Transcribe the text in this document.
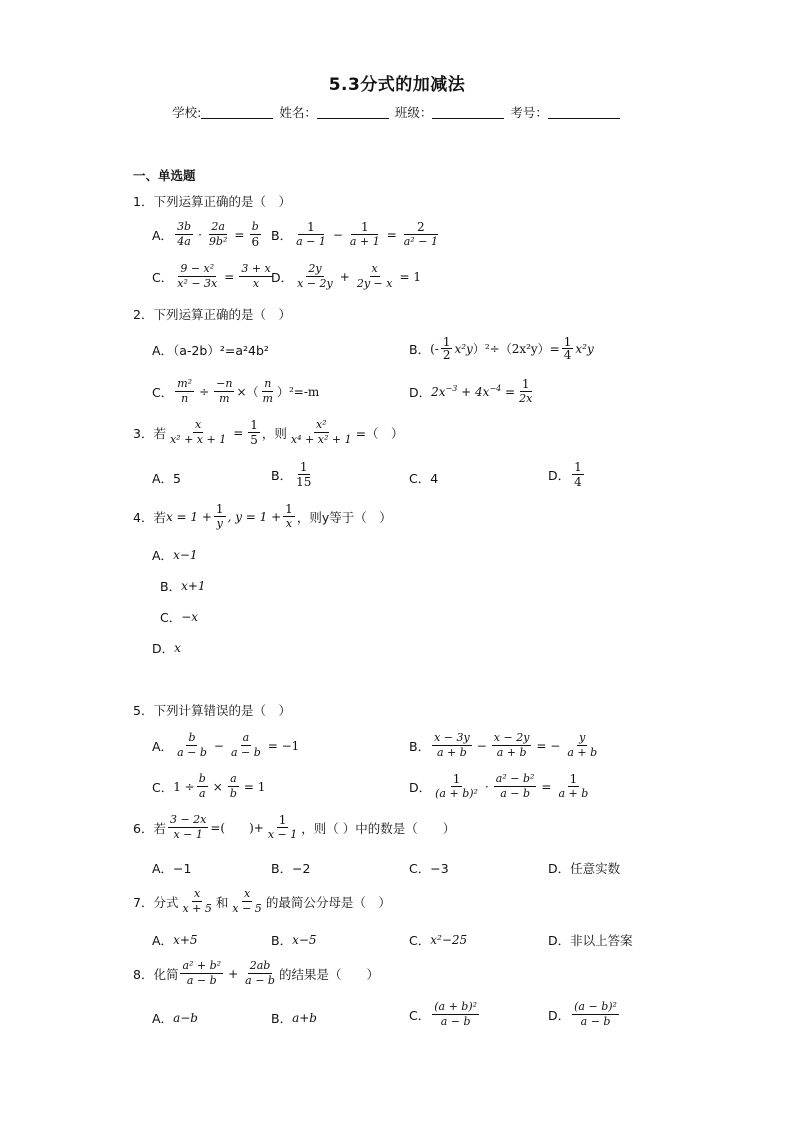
5.3分式的加减法
学校:	姓名：	班级：	考号：
一、单选题
1．下列运算正确的是（　）
A． $\frac{3b}{4a} \cdot \frac{2a}{\text{9b²}} = \frac{b}{6}$ B． $\frac{1}{a - 1} - \frac{1}{a + 1} = \frac{2}{\text{a² − 1}}$
C． $\frac{\text{9 − x²}}{\text{x² − 3x}} = \frac{3 + x}{x}$
D． $\frac{2y}{x - 2y} + \frac{x}{2y - x} = 1$
2．下列运算正确的是（　）
A．（a-2b）²=a²4b²	B． (- $\frac{1}{2} x^2y$ ）$^2\div(2x^2y)= \frac{1}{4} x^2y$
C． $\frac{\text{m²}}{n} \div \frac{-n}{m}$ ×（ $\frac{n}{m} )^2=-m$	D． $2x^{-3} + 4x^{-4} = \frac{1}{2x}$
3．若 $\frac{x}{\text{x² + x + 1}} = \frac{1}{5}$ ，则 $\frac{\text{x²}}{\text{x⁴ + x² + 1}}$ =（　）
A．5	B． $\frac{1}{15}$	C．4	D． $\frac{1}{4}$
4．若 $x = 1 + \frac{1}{y}$ , $y = 1 + \frac{1}{x}$ ，则y等于（　）
A． x−1
B． x+1
C． −x
D． x
5．下列计算错误的是（　）
A． $\frac{b}{a - b} - \frac{a}{a - b} = -1$	B． $\frac{x - 3y}{a + b} - \frac{x - 2y}{a + b}$ = − $\frac{y}{a + b}$
C． $1 \div \frac{b}{a} \times \frac{a}{b} = 1$	D． $\frac{1}{\text{(a + b)²}} \cdot \frac{\text{a² − b²}}{a - b} = \frac{1}{a + b}$
6．若 $\frac{3 - 2x}{x - 1}$ =(　　)+ $\frac{1}{x - 1}$ ，则（ ）中的数是（　　）
A．−1	B．−2	C．−3	D．任意实数
7．分式 $\frac{x}{x + 5}$ 和 $\frac{x}{x - 5}$ 的最简公分母是（　）
A． x+5	B． x−5	C． x²−25	D．非以上答案
8．化简 $\frac{\text{a² + b²}}{a - b} + \frac{2ab}{a - b}$ 的结果是（　　）
A． a−b	B． a+b	C． $\frac{\text{(a + b)²}}{a - b}$	D． $\frac{\text{(a − b)²}}{a - b}$
